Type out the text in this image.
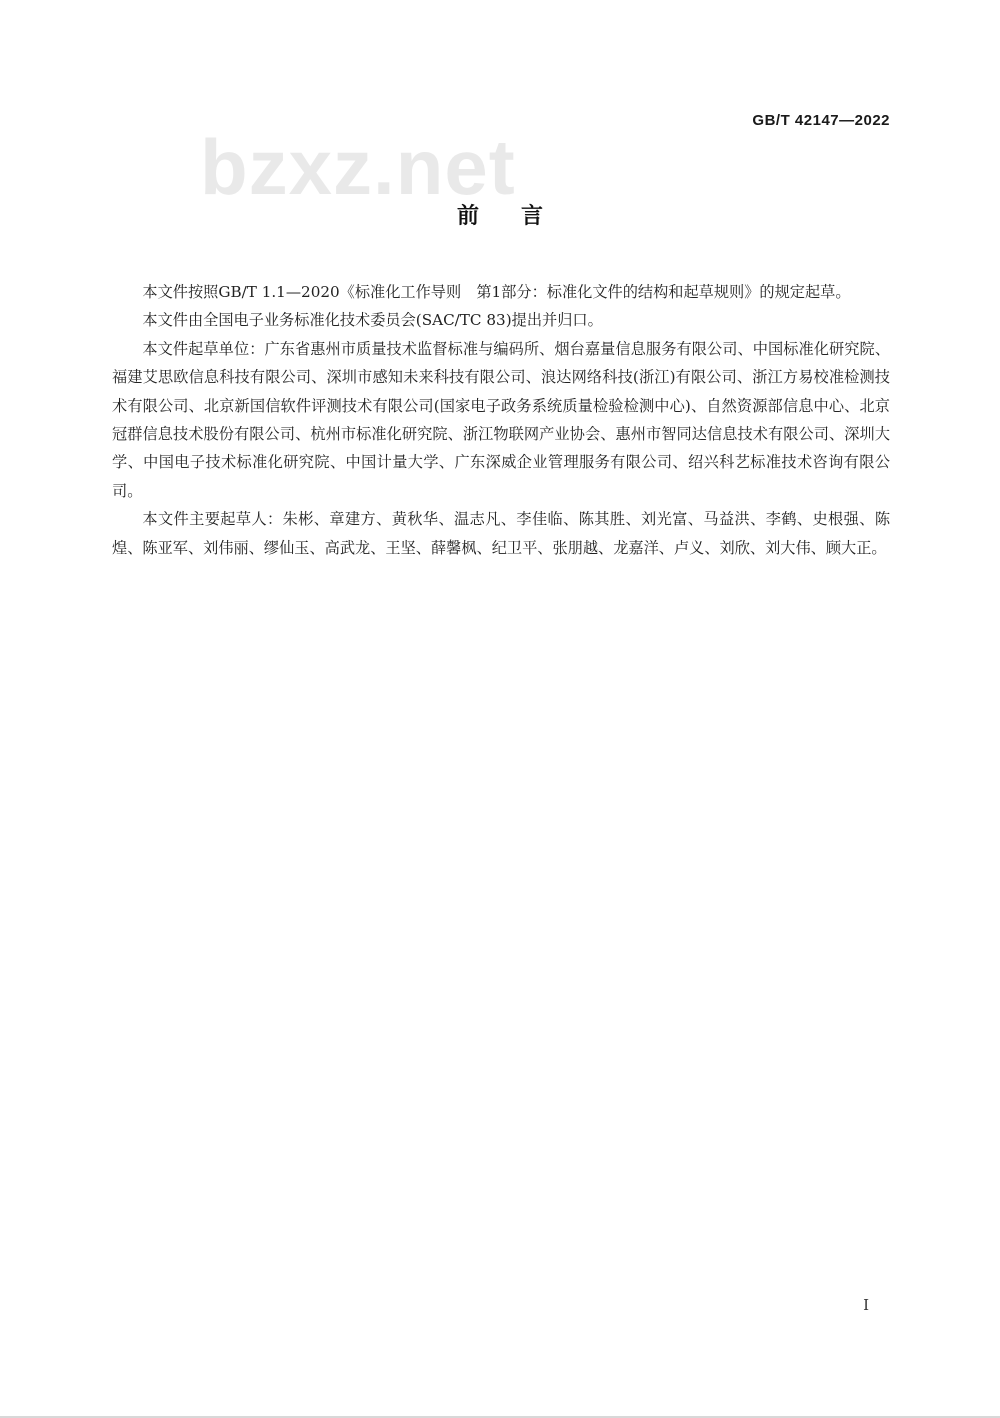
GB/T 42147—2022
bzxz.net
前言

本文件按照GB/T 1.1—2020《标准化工作导则　第1部分：标准化文件的结构和起草规则》的规定起草。

本文件由全国电子业务标准化技术委员会(SAC/TC 83)提出并归口。

本文件起草单位：广东省惠州市质量技术监督标准与编码所、烟台嘉量信息服务有限公司、中国标准化研究院、福建艾思欧信息科技有限公司、深圳市感知未来科技有限公司、浪达网络科技(浙江)有限公司、浙江方易校准检测技术有限公司、北京新国信软件评测技术有限公司(国家电子政务系统质量检验检测中心)、自然资源部信息中心、北京冠群信息技术股份有限公司、杭州市标准化研究院、浙江物联网产业协会、惠州市智同达信息技术有限公司、深圳大学、中国电子技术标准化研究院、中国计量大学、广东深威企业管理服务有限公司、绍兴科艺标准技术咨询有限公司。

本文件主要起草人：朱彬、章建方、黄秋华、温志凡、李佳临、陈其胜、刘光富、马益洪、李鹤、史根强、陈煌、陈亚军、刘伟丽、缪仙玉、高武龙、王坚、薛馨枫、纪卫平、张朋越、龙嘉洋、卢义、刘欣、刘大伟、顾大正。

I
